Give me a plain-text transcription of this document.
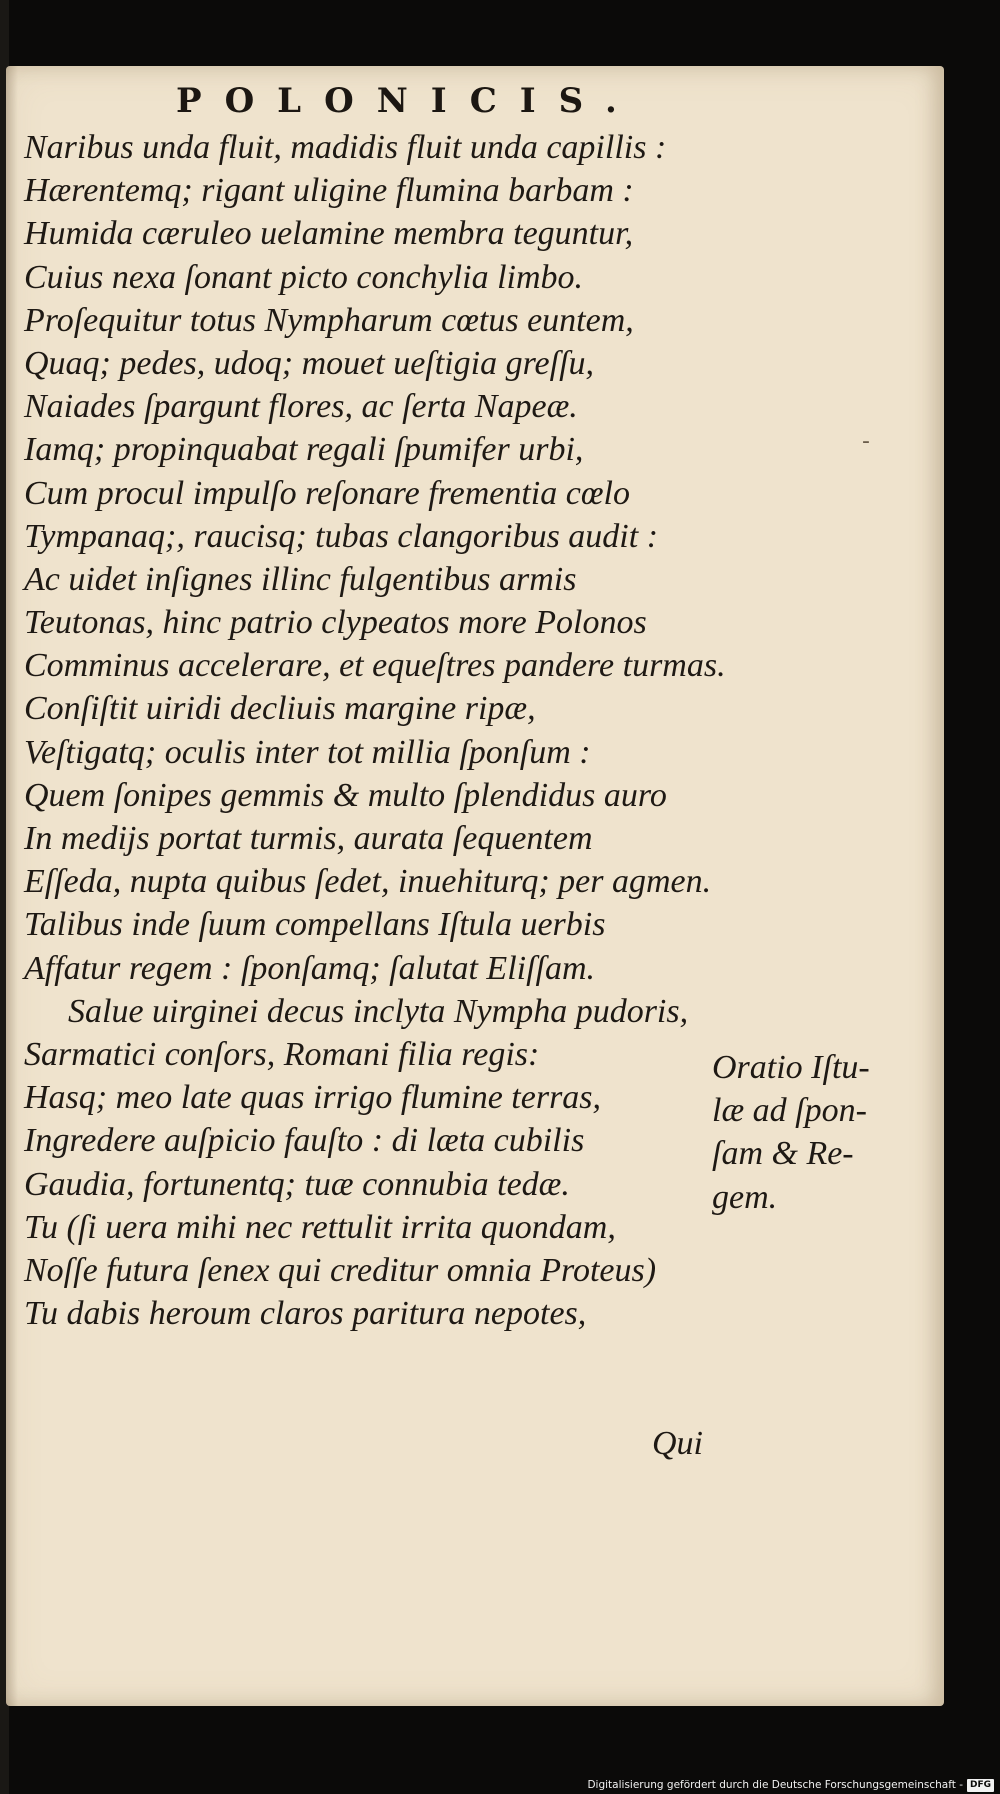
POLONICIS.
Naribus unda fluit, madidis fluit unda capillis :
Hærentemq; rigant uligine flumina barbam :
Humida cæruleo uelamine membra teguntur,
Cuius nexa ſonant picto conchylia limbo.
Proſequitur totus Nympharum cœtus euntem,
Quaq; pedes, udoq; mouet ueſtigia greſſu,
Naiades ſpargunt flores, ac ſerta Napeæ.
Iamq; propinquabat regali ſpumifer urbi,
Cum procul impulſo reſonare frementia cœlo
Tympanaq;, raucisq; tubas clangoribus audit :
Ac uidet inſignes illinc fulgentibus armis
Teutonas, hinc patrio clypeatos more Polonos
Comminus accelerare, et equeſtres pandere turmas.
Conſiſtit uiridi decliuis margine ripæ,
Veſtigatq; oculis inter tot millia ſponſum :
Quem ſonipes gemmis & multo ſplendidus auro
In medijs portat turmis, aurata ſequentem
Eſſeda, nupta quibus ſedet, inuehiturq; per agmen.
Talibus inde ſuum compellans Iſtula uerbis
Affatur regem : ſponſamq; ſalutat Eliſſam.
Salue uirginei decus inclyta Nympha pudoris,
Sarmatici conſors, Romani filia regis:
Hasq; meo late quas irrigo flumine terras,
Ingredere auſpicio fauſto : di læta cubilis
Gaudia, fortunentq; tuæ connubia tedæ.
Tu (ſi uera mihi nec rettulit irrita quondam,
Noſſe futura ſenex qui creditur omnia Proteus)
Tu dabis heroum claros paritura nepotes,
Oratio Iſtu-
læ ad ſpon-
ſam & Re-
gem.
Qui
-
Digitalisierung gefördert durch die Deutsche Forschungsgemeinschaft - DFG
